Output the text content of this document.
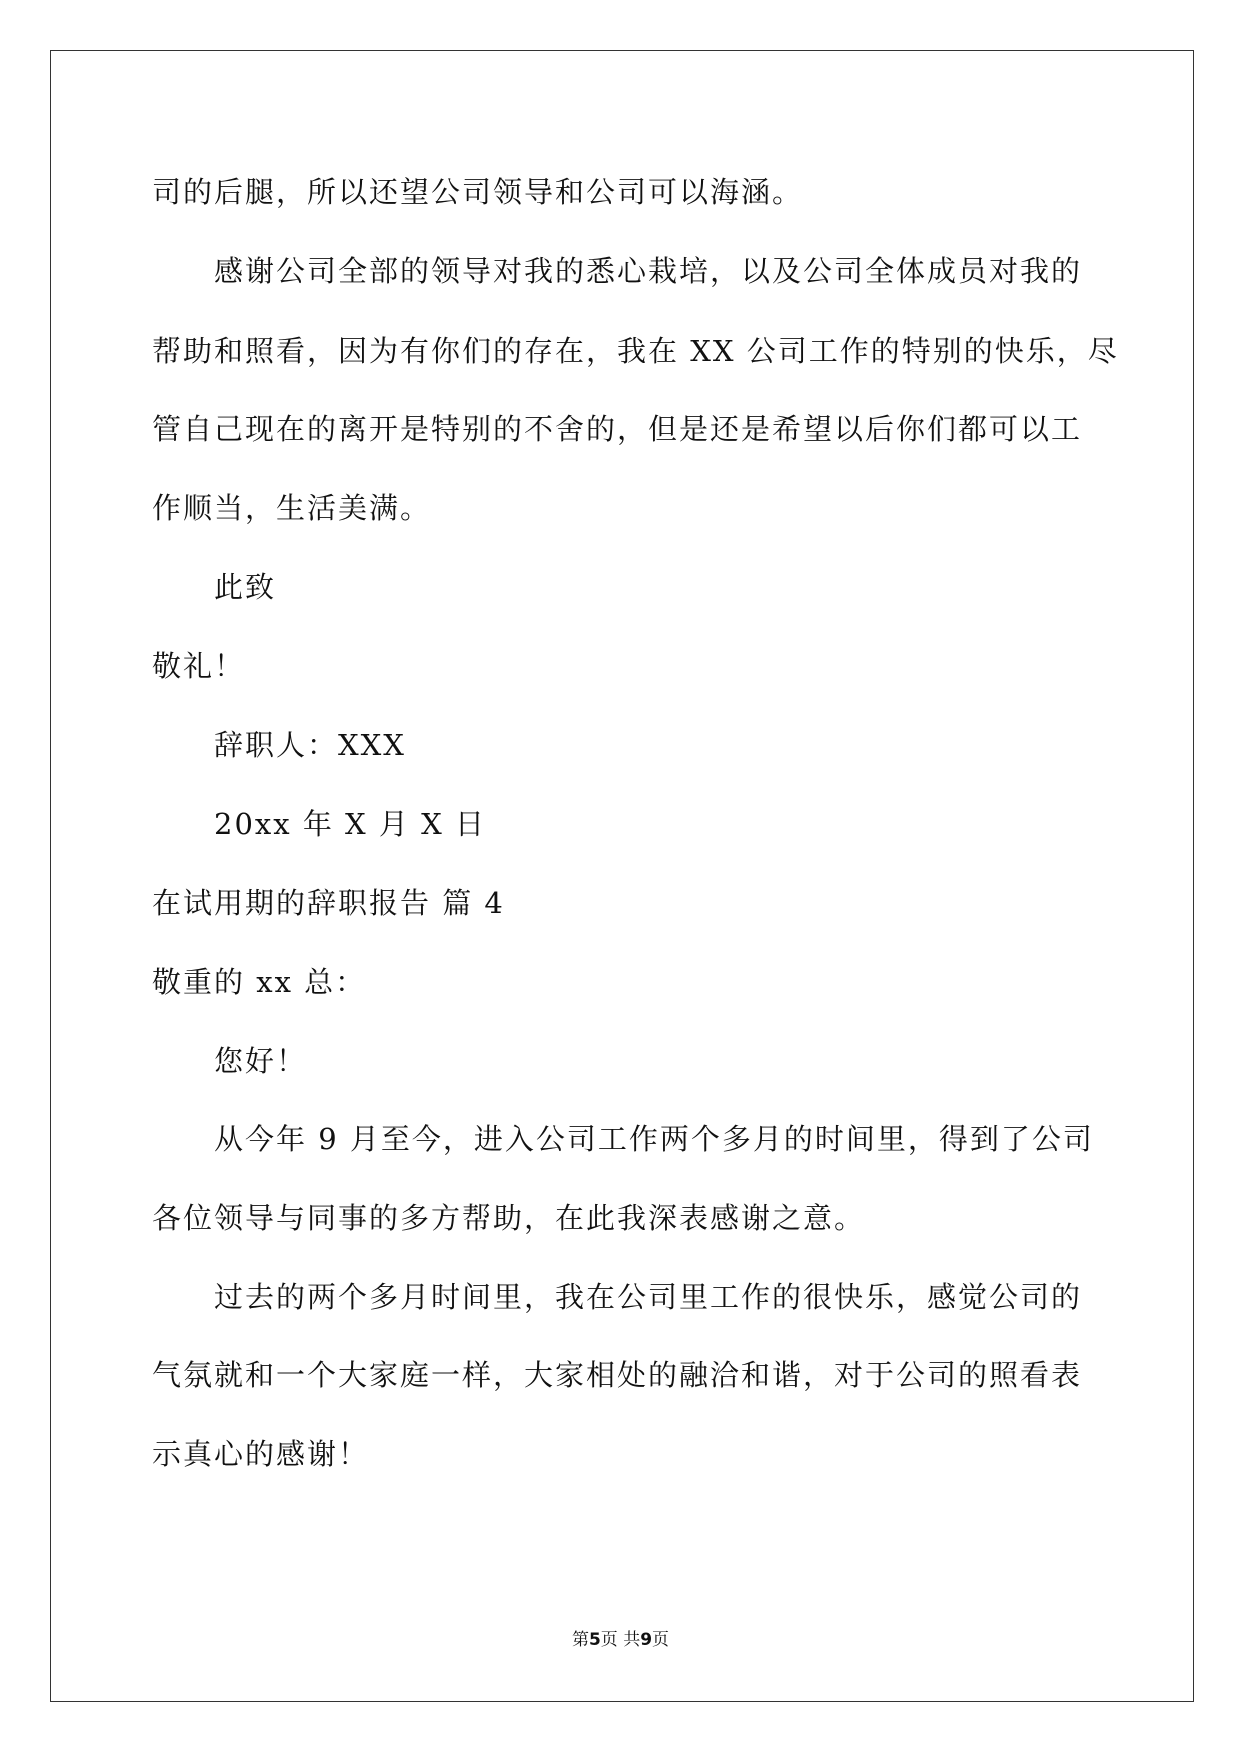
司的后腿，所以还望公司领导和公司可以海涵。
感谢公司全部的领导对我的悉心栽培，以及公司全体成员对我的
帮助和照看，因为有你们的存在，我在 XX 公司工作的特别的快乐，尽
管自己现在的离开是特别的不舍的，但是还是希望以后你们都可以工
作顺当，生活美满。
此致
敬礼！
辞职人：XXX
20xx 年 X 月 X 日
在试用期的辞职报告 篇 4
敬重的 xx 总：
您好！
从今年 9 月至今，进入公司工作两个多月的时间里，得到了公司
各位领导与同事的多方帮助，在此我深表感谢之意。
过去的两个多月时间里，我在公司里工作的很快乐，感觉公司的
气氛就和一个大家庭一样，大家相处的融洽和谐，对于公司的照看表
示真心的感谢！
第5页 共9页
